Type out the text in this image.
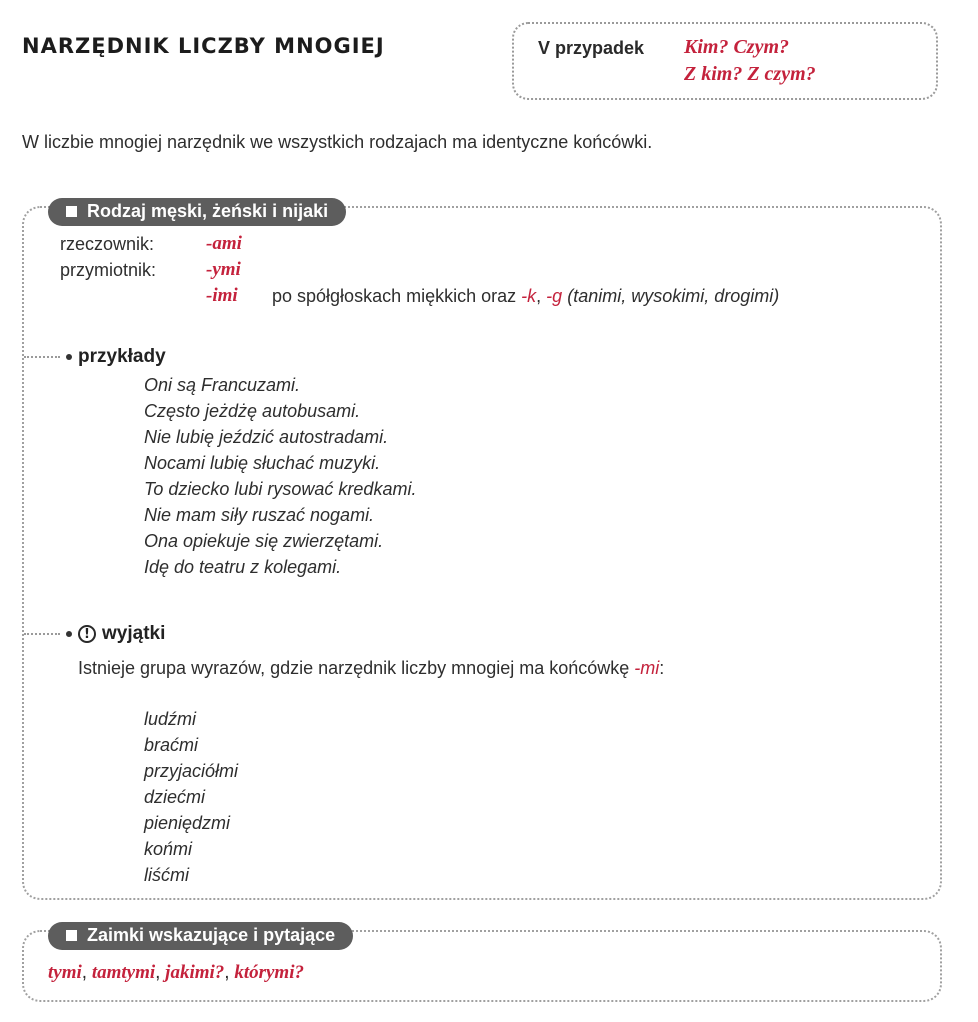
NARZĘDNIK LICZBY MNOGIEJ	V przypadek Kim? Czym?
Z kim? Z czym?
W liczbie mnogiej narzędnik we wszystkich rodzajach ma identyczne końcówki.
Rodzaj męski, żeński i nijaki
rzeczownik:	-ami
przymiotnik:	-ymi
-imi po spółgłoskach miękkich oraz -k, -g (tanimi, wysokimi, drogimi)
przykłady
Oni są Francuzami.
Często jeżdżę autobusami.
Nie lubię jeździć autostradami.
Nocami lubię słuchać muzyki.
To dziecko lubi rysować kredkami.
Nie mam siły ruszać nogami.
Ona opiekuje się zwierzętami.
Idę do teatru z kolegami.
! wyjątki
Istnieje grupa wyrazów, gdzie narzędnik liczby mnogiej ma końcówkę -mi:
ludźmi
braćmi
przyjaciółmi
dziećmi
pieniędzmi
końmi
liśćmi
Zaimki wskazujące i pytające
tymi, tamtymi, jakimi?, którymi?
